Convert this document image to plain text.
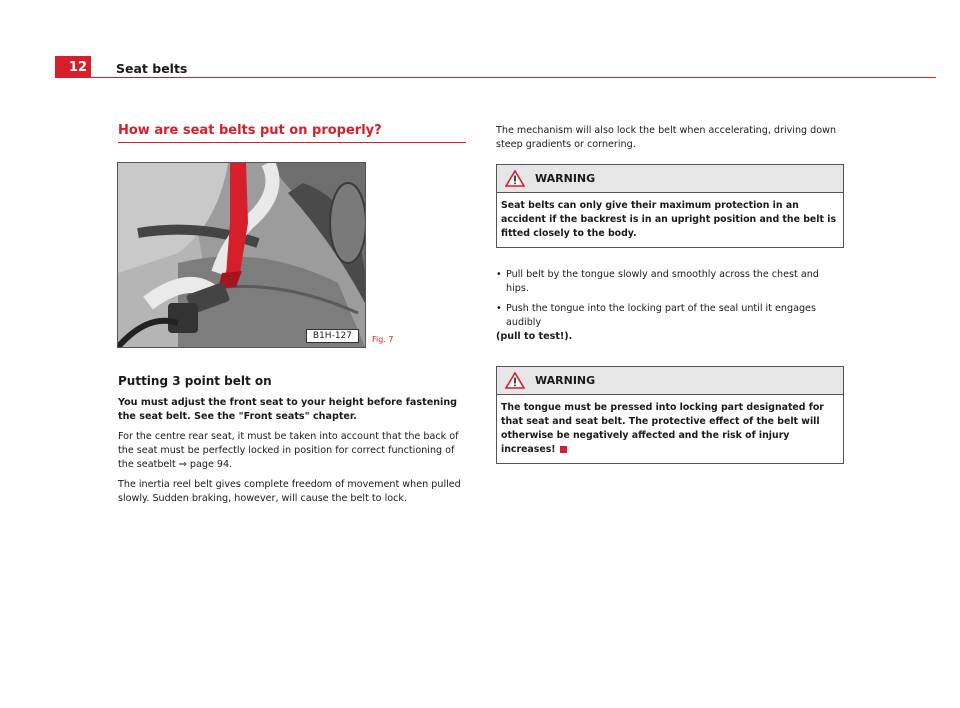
12	Seat belts
How are seat belts put on properly?
B1H-127	Fig. 7

Putting 3 point belt on

You must adjust the front seat to your height before fastening the seat belt. See the "Front seats" chapter.

For the centre rear seat, it must be taken into account that the back of the seat must be perfectly locked in position for correct functioning of the seatbelt ⇒ page 94.

The inertia reel belt gives complete freedom of movement when pulled slowly. Sudden braking, however, will cause the belt to lock.

The mechanism will also lock the belt when accelerating, driving down steep gradients or cornering.

WARNING
Seat belts can only give their maximum protection in an accident if the backrest is in an upright position and the belt is fitted closely to the body.

• Pull belt by the tongue slowly and smoothly across the chest and hips.

• Push the tongue into the locking part of the seal until it engages audibly

(pull to test!).

WARNING
The tongue must be pressed into locking part designated for that seat and seat belt. The protective effect of the belt will otherwise be negatively affected and the risk of injury increases!
